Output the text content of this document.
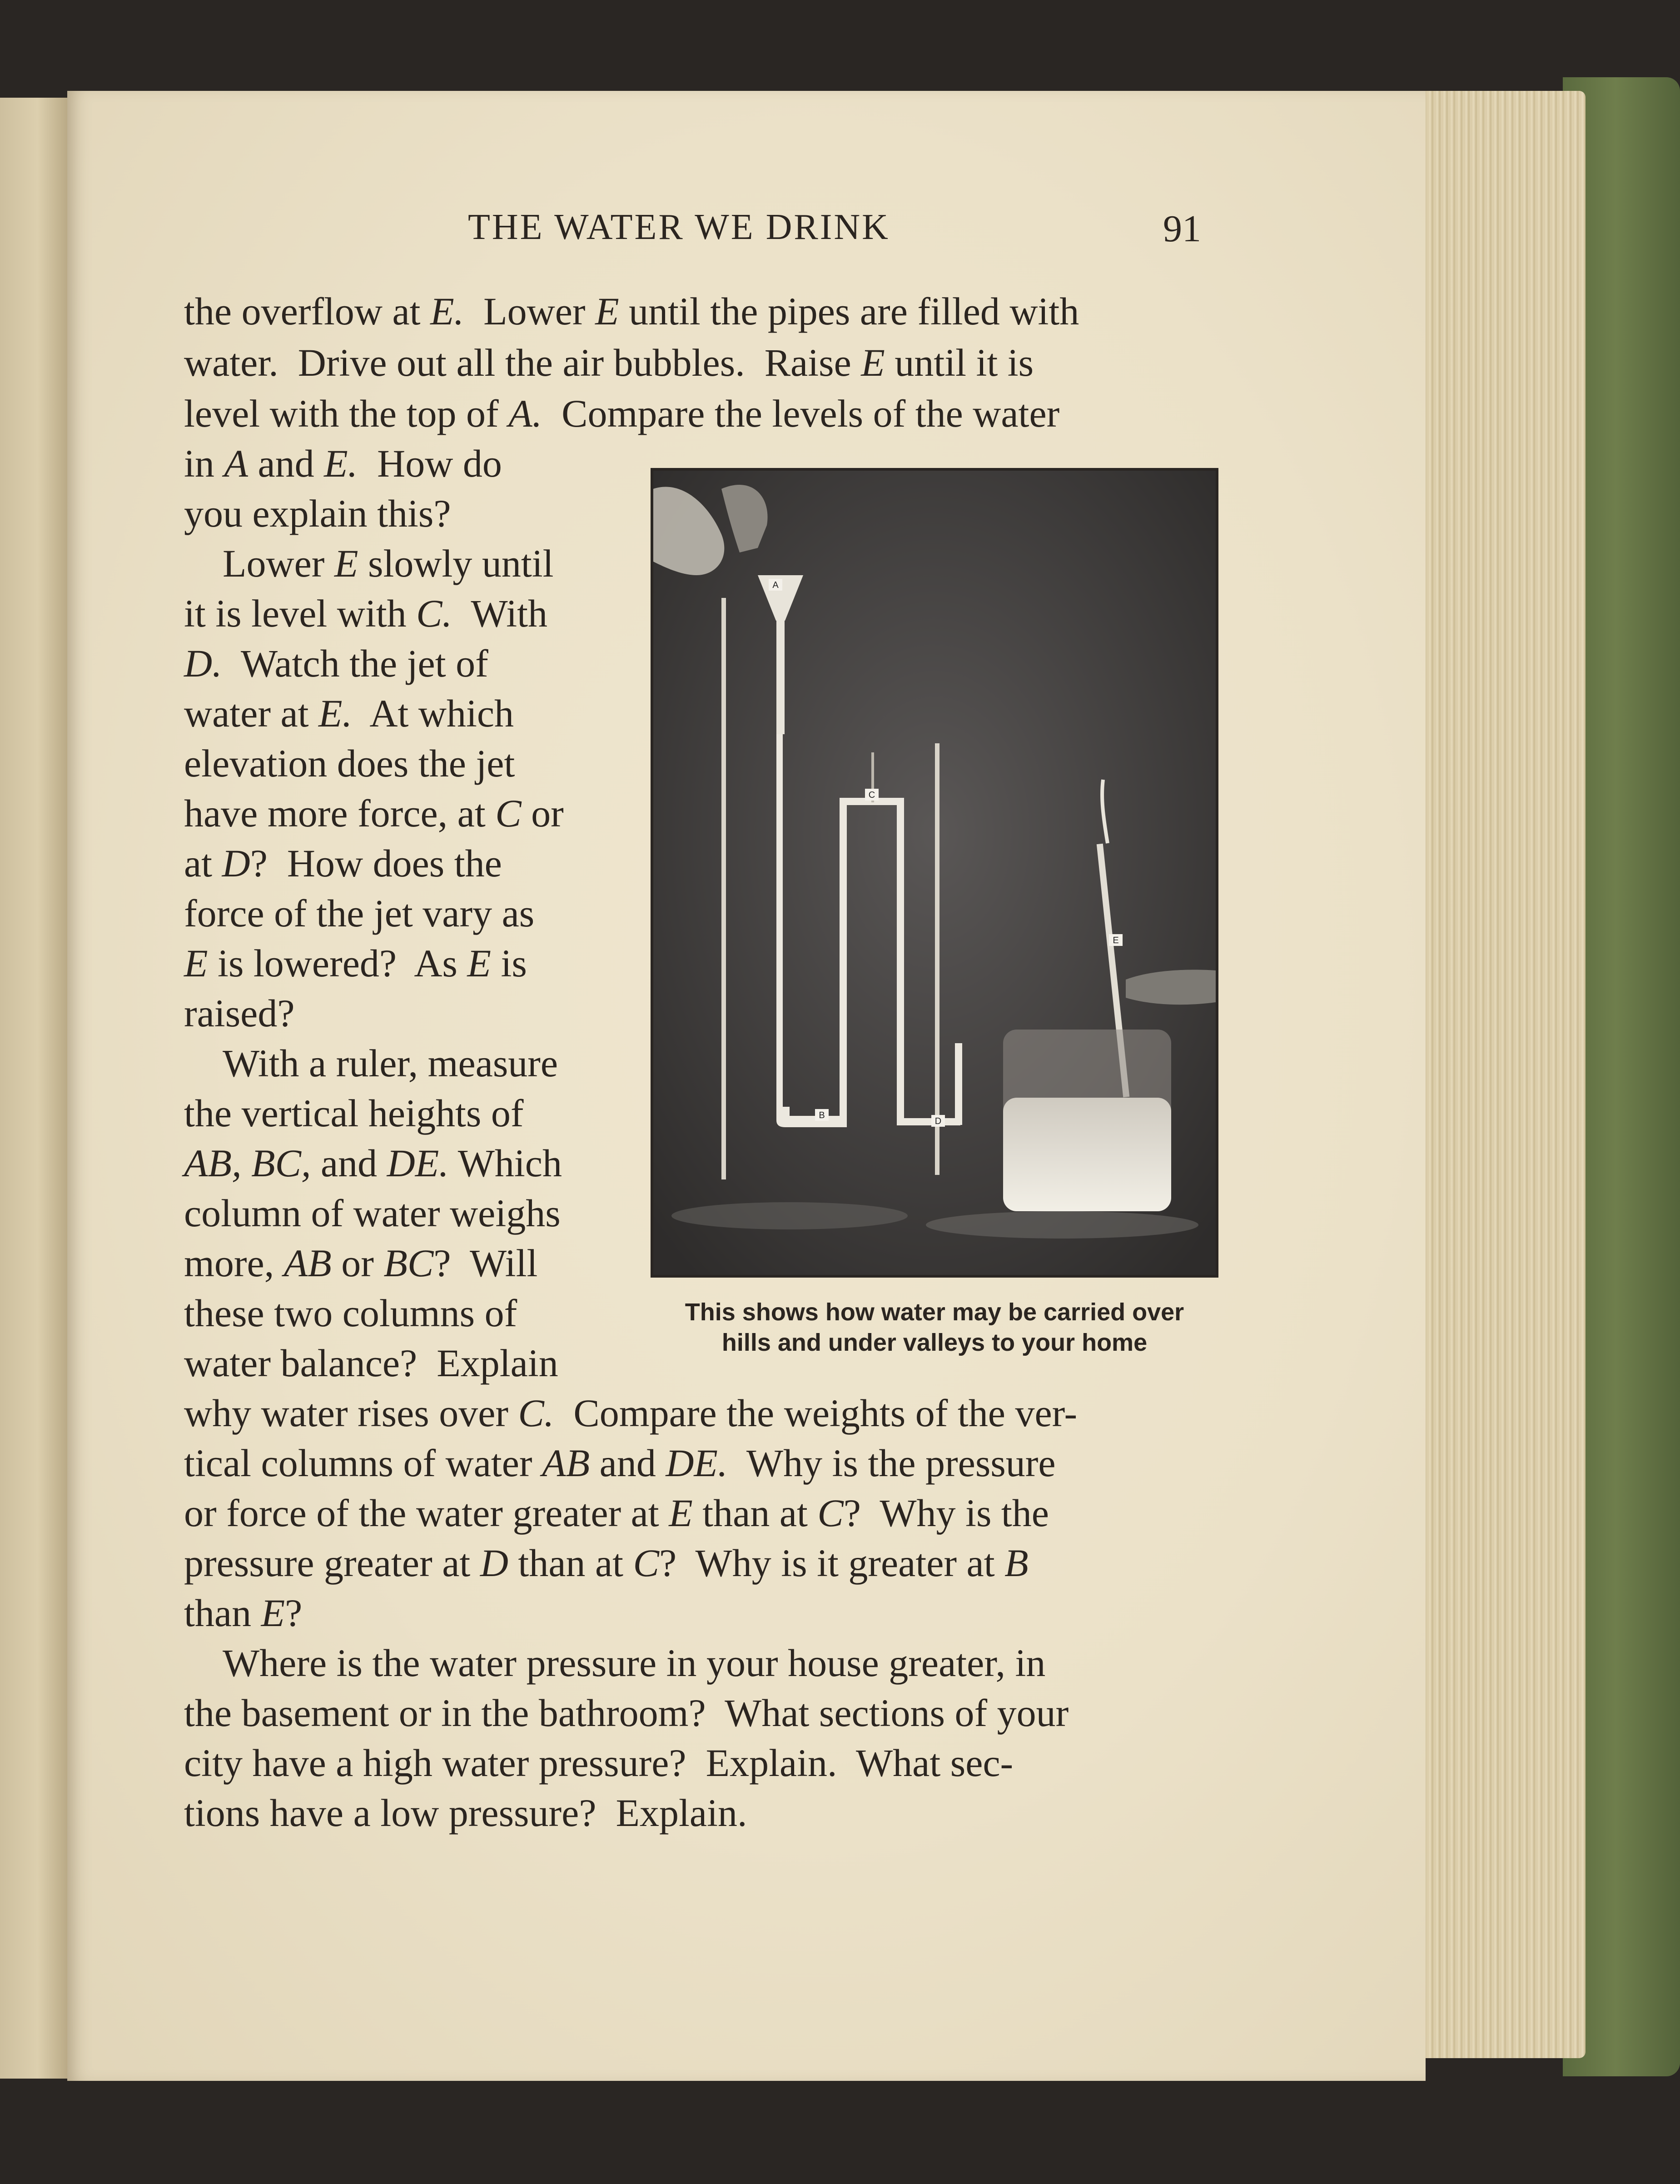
THE WATER WE DRINK	91
the overflow at E.  Lower E until the pipes are filled with
water.  Drive out all the air bubbles.  Raise E until it is
level with the top of A.  Compare the levels of the water
in A and E.  How do
you explain this?
Lower E slowly until
it is level with C.  With
D.  Watch the jet of
water at E.  At which
elevation does the jet
have more force, at C or
at D?  How does the
force of the jet vary as
E is lowered?  As E is
raised?
With a ruler, measure
the vertical heights of
AB, BC, and DE. Which
column of water weighs
more, AB or BC?  Will
these two columns of
water balance?  Explain
why water rises over C.  Compare the weights of the ver-
tical columns of water AB and DE.  Why is the pressure
or force of the water greater at E than at C?  Why is the
pressure greater at D than at C?  Why is it greater at B
than E?
Where is the water pressure in your house greater, in
the basement or in the bathroom?  What sections of your
city have a high water pressure?  Explain.  What sec-
tions have a low pressure?  Explain.
A
B
C
D
E
This shows how water may be carried over
hills and under valleys to your home
